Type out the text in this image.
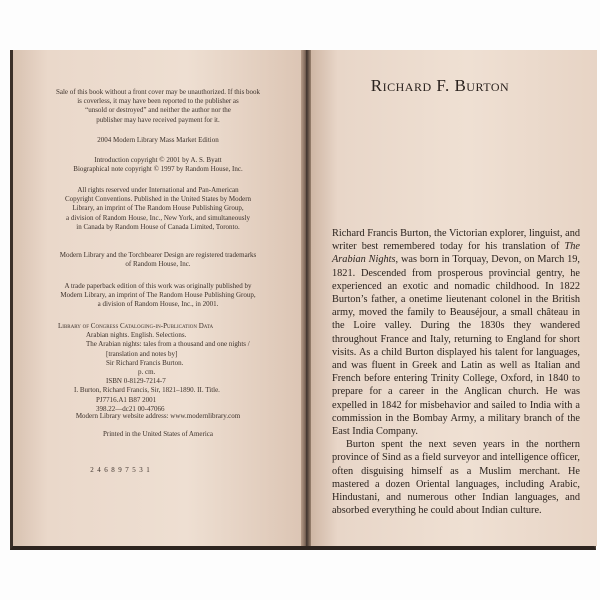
Sale of this book without a front cover may be unauthorized. If this book

is coverless, it may have been reported to the publisher as

“unsold or destroyed” and neither the author nor the

publisher may have received payment for it.

2004 Modern Library Mass Market Edition

Introduction copyright © 2001 by A. S. Byatt

Biographical note copyright © 1997 by Random House, Inc.

All rights reserved under International and Pan-American

Copyright Conventions. Published in the United States by Modern

Library, an imprint of The Random House Publishing Group,

a division of Random House, Inc., New York, and simultaneously

in Canada by Random House of Canada Limited, Toronto.

Modern Library and the Torchbearer Design are registered trademarks

of Random House, Inc.

A trade paperback edition of this work was originally published by

Modern Library, an imprint of The Random House Publishing Group,

a division of Random House, Inc., in 2001.

Library of Congress Cataloging-in-Publication Data

Arabian nights. English. Selections.

The Arabian nights: tales from a thousand and one nights /

[translation and notes by]

Sir Richard Francis Burton.

p. cm.

ISBN 0-8129-7214-7

I. Burton, Richard Francis, Sir, 1821–1890. II. Title.

PJ7716.A1 B87 2001

398.22—dc21 00-47066

Modern Library website address: www.modernlibrary.com

Printed in the United States of America

2  4  6  8  9  7  5  3  1

Richard F. Burton

Richard Francis Burton, the Victorian explorer, linguist, and writer best remembered today for his translation of The Arabian Nights, was born in Torquay, Devon, on March 19, 1821. Descended from prosperous provincial gentry, he experienced an exotic and nomadic childhood. In 1822 Burton’s father, a onetime lieutenant colonel in the British army, moved the family to Beauséjour, a small château in the Loire valley. During the 1830s they wandered throughout France and Italy, returning to England for short visits. As a child Burton displayed his talent for languages, and was fluent in Greek and Latin as well as Italian and French before entering Trinity College, Oxford, in 1840 to prepare for a career in the Anglican church. He was expelled in 1842 for misbehavior and sailed to India with a commission in the Bombay Army, a military branch of the East India Company.

Burton spent the next seven years in the northern province of Sind as a field surveyor and intelligence officer, often disguising himself as a Muslim merchant. He mastered a dozen Oriental languages, including Arabic, Hindustani, and numerous other Indian languages, and absorbed everything he could about Indian culture.
